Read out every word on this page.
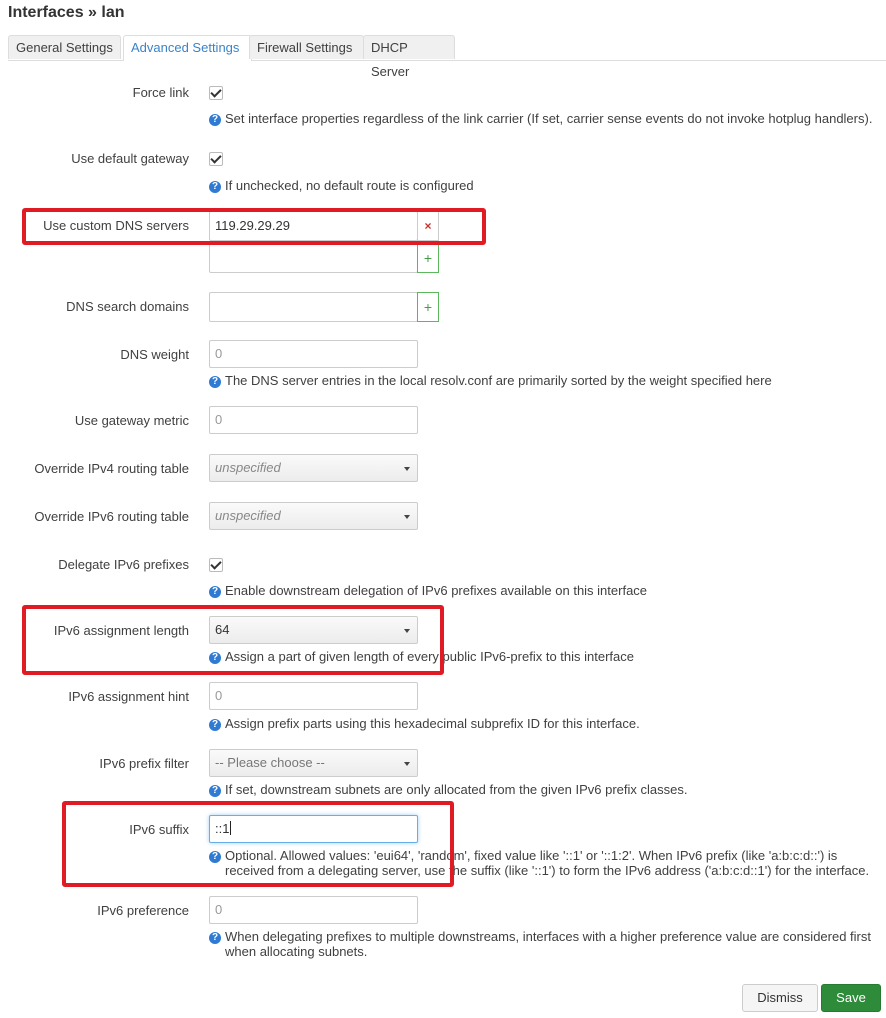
Interfaces » lan
General Settings	Advanced Settings	Firewall Settings	DHCP Server
Force link
? Set interface properties regardless of the link carrier (If set, carrier sense events do not invoke hotplug handlers).
Use default gateway
? If unchecked, no default route is configured
Use custom DNS servers	119.29.29.29	×
+
DNS search domains	+
DNS weight	0
? The DNS server entries in the local resolv.conf are primarily sorted by the weight specified here
Use gateway metric	0
Override IPv4 routing table	unspecified
Override IPv6 routing table	unspecified
Delegate IPv6 prefixes
? Enable downstream delegation of IPv6 prefixes available on this interface
IPv6 assignment length	64
? Assign a part of given length of every public IPv6-prefix to this interface
IPv6 assignment hint	0
? Assign prefix parts using this hexadecimal subprefix ID for this interface.
IPv6 prefix filter	-- Please choose --
? If set, downstream subnets are only allocated from the given IPv6 prefix classes.
IPv6 suffix	::1
? Optional. Allowed values: 'eui64', 'random', fixed value like '::1' or '::1:2'. When IPv6 prefix (like 'a:b:c:d::') is
received from a delegating server, use the suffix (like '::1') to form the IPv6 address ('a:b:c:d::1') for the interface.
IPv6 preference	0
? When delegating prefixes to multiple downstreams, interfaces with a higher preference value are considered first
when allocating subnets.
Dismiss	Save
